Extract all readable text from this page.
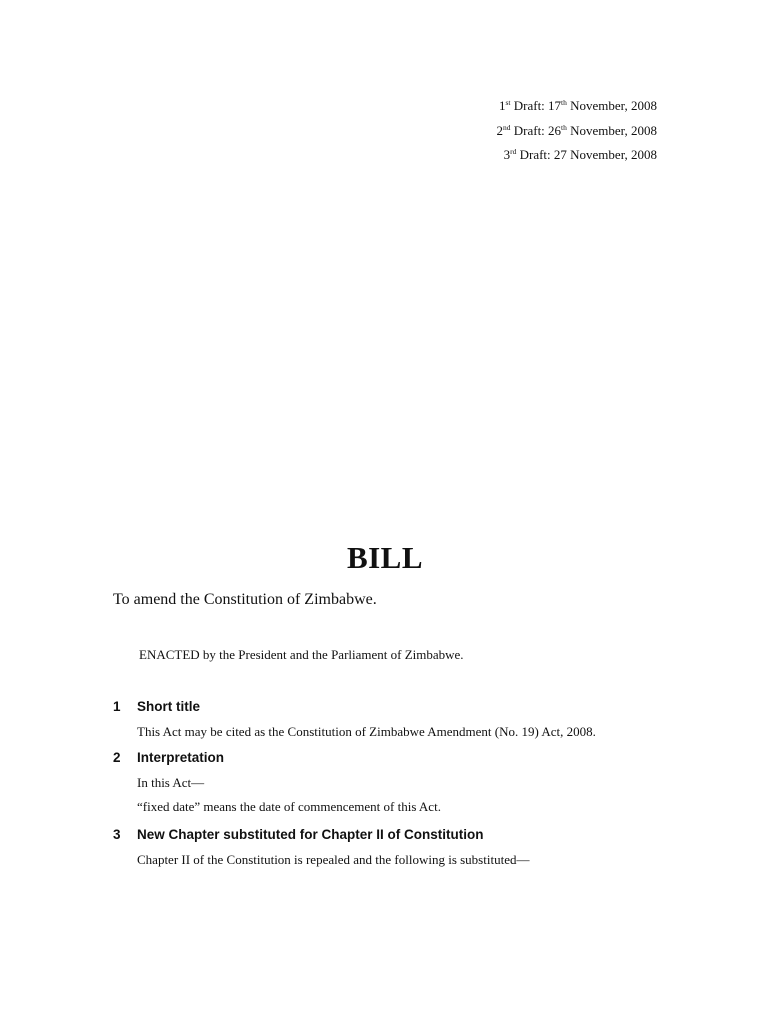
1st Draft: 17th November, 2008
2nd Draft: 26th November, 2008
3rd Draft: 27 November, 2008
BILL
To amend the Constitution of Zimbabwe.
ENACTED by the President and the Parliament of Zimbabwe.
1 Short title
This Act may be cited as the Constitution of Zimbabwe Amendment (No. 19) Act, 2008.
2 Interpretation
In this Act—
“fixed date” means the date of commencement of this Act.
3 New Chapter substituted for Chapter II of Constitution
Chapter II of the Constitution is repealed and the following is substituted—
